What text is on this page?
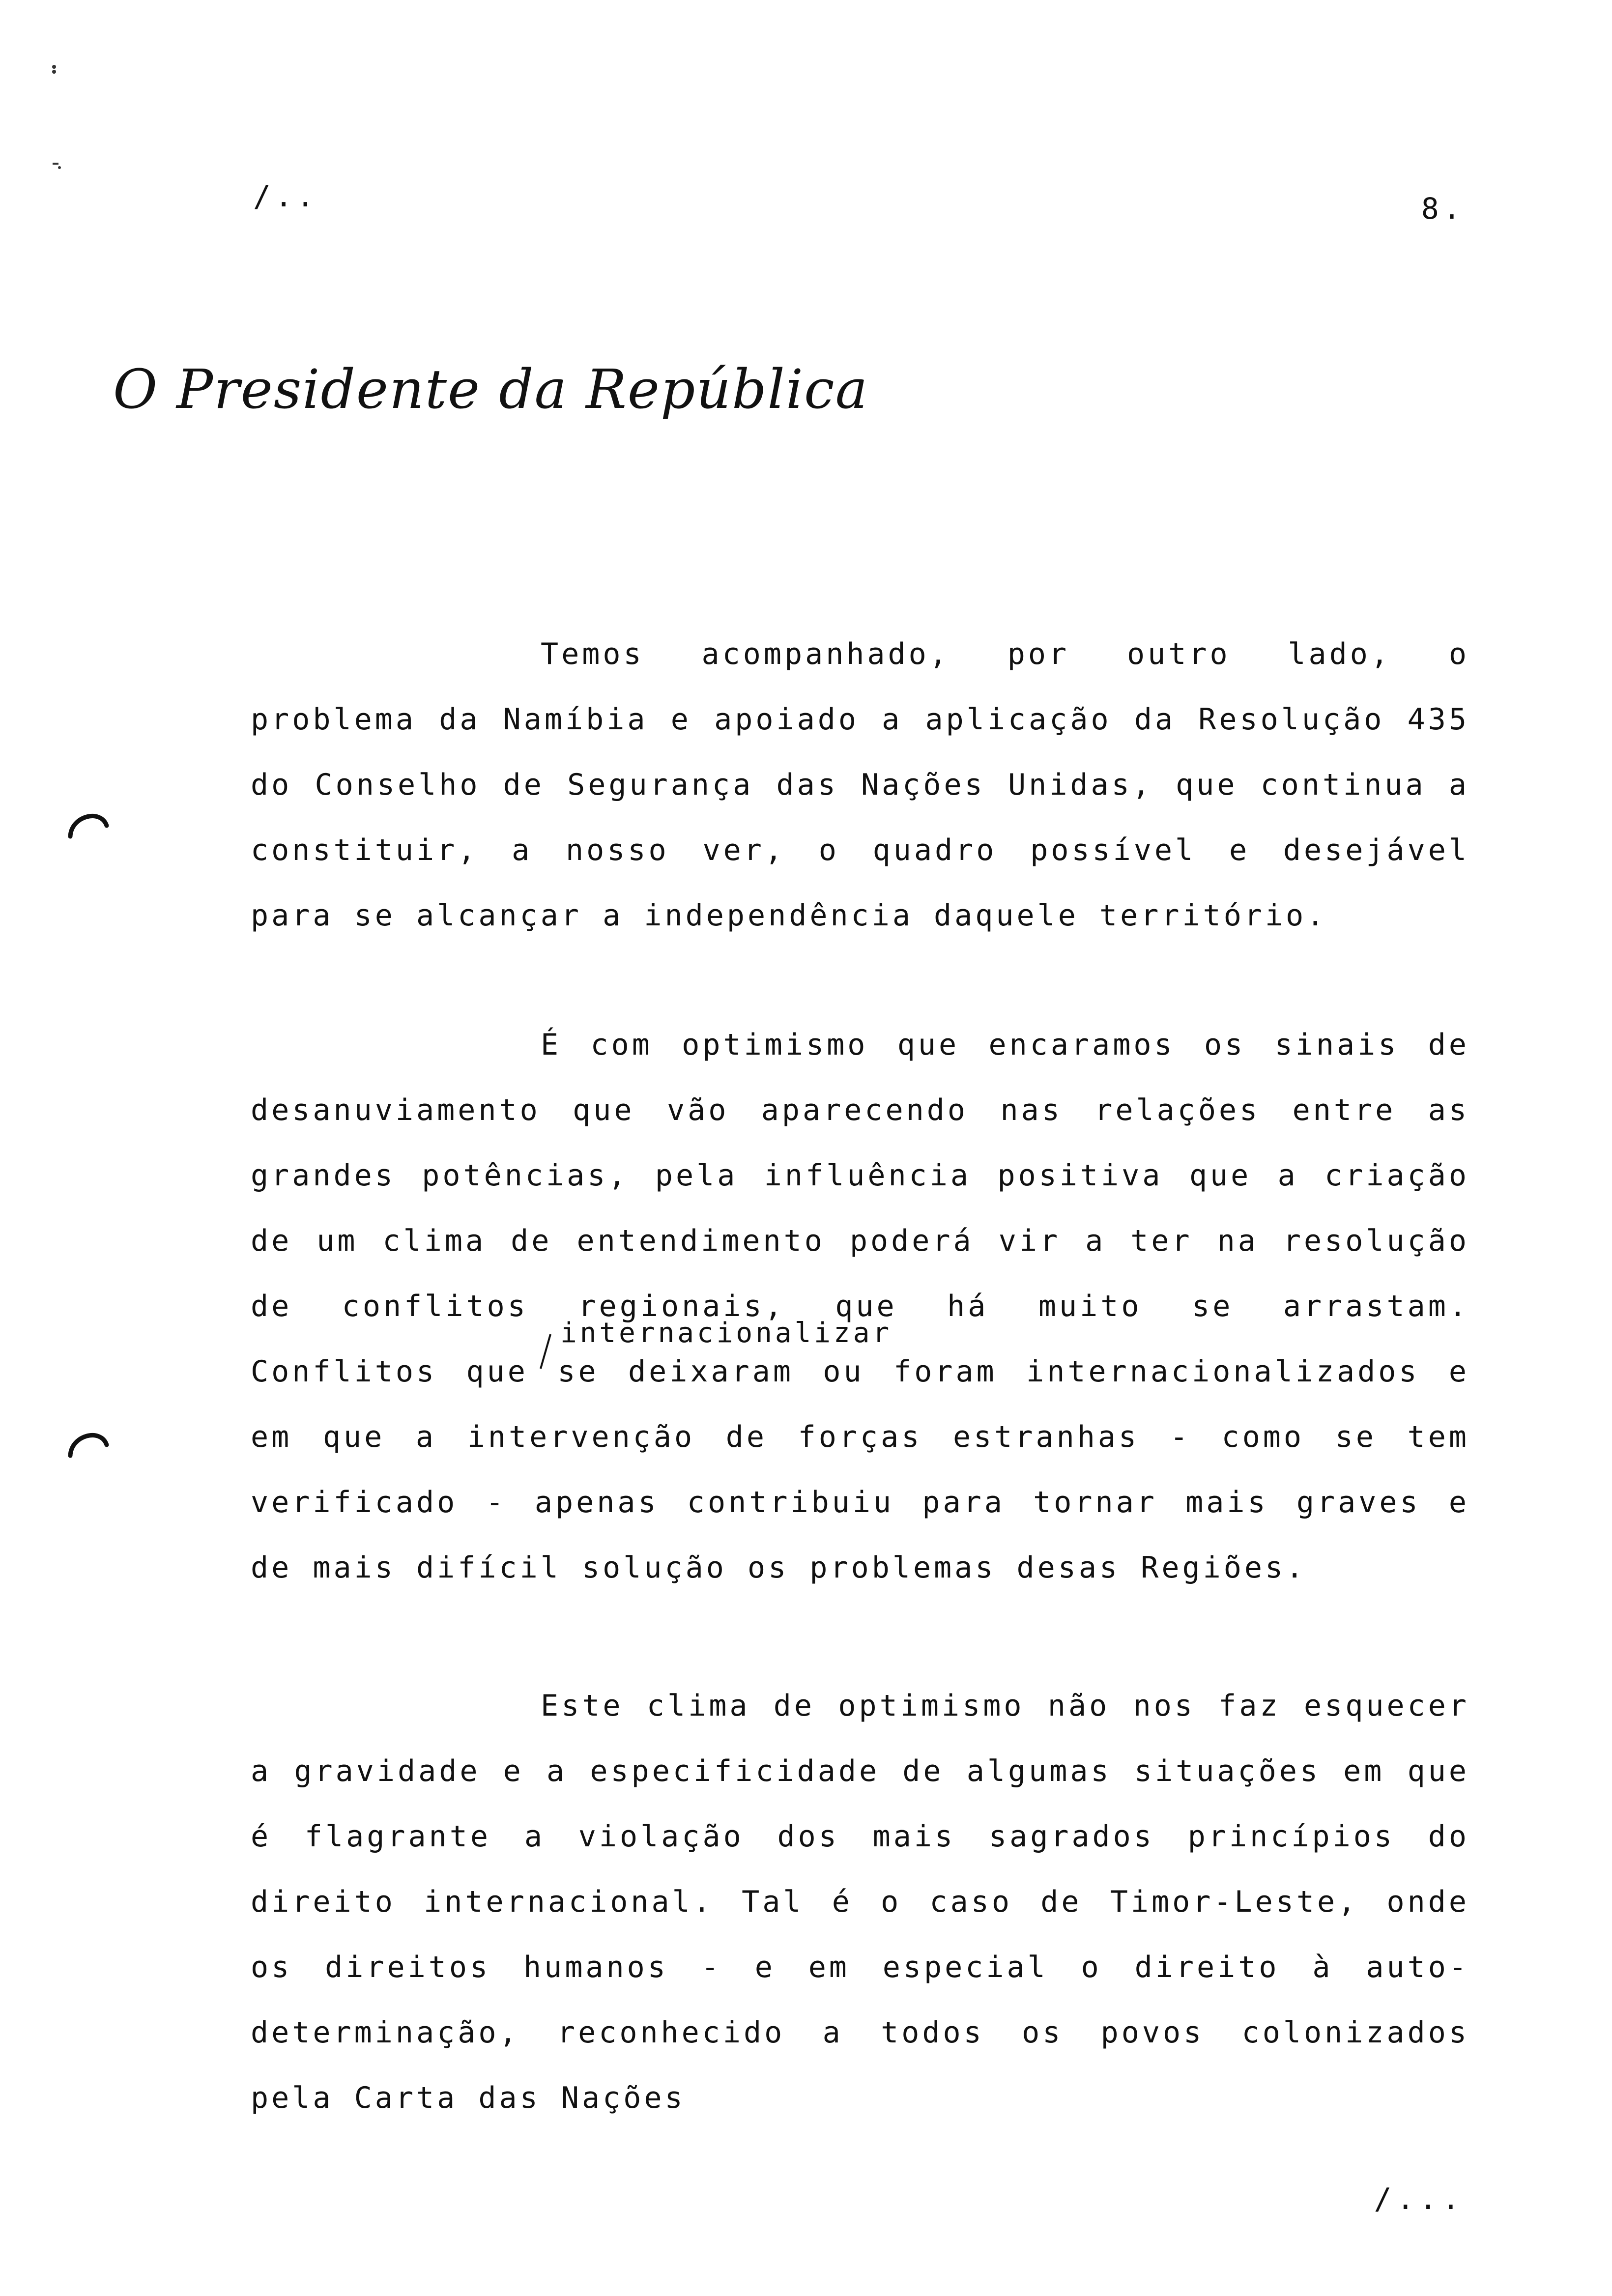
/..	8.
O Presidente da República

Temos acompanhado, por outro lado, o problema da Namíbia e apoiado a aplicação da Resolução 435 do Conselho de Segurança das Nações Unidas, que continua a constituir, a nosso ver, o quadro possível e desejável para se alcançar a independência daquele território.

É com optimismo que encaramos os sinais de desanuviamento que vão aparecendo nas relações entre as grandes potências, pela influência positiva que a criação de um clima de entendimento poderá vir a ter na resolução de conflitos regionais, que há muito se arrastam. Conflitos que se deixaram ou foram internacionalizados e em que a intervenção de forças estranhas - como se tem verificado - apenas contribuiu para tornar mais graves e de mais difícil solução os problemas desas Regiões.

internacionalizar

Este clima de optimismo não nos faz esquecer a gravidade e a especificidade de algumas situações em que é flagrante a violação dos mais sagrados princípios do direito internacional. Tal é o caso de Timor-Leste, onde os direitos humanos - e em especial o direito à auto-determinação, reconhecido a todos os povos colonizados pela Carta das Nações

/...
